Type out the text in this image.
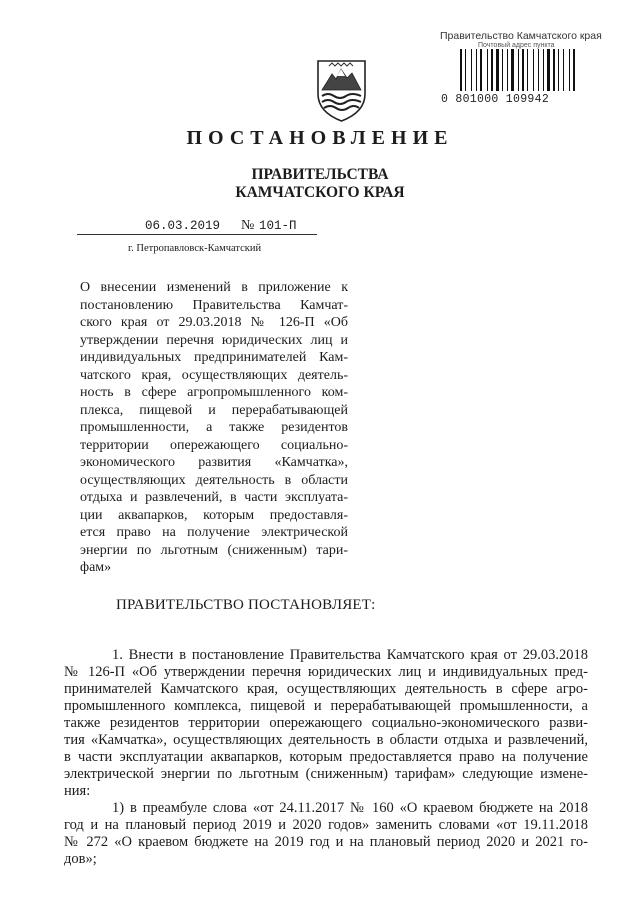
Правительство Камчатского края
Почтовый адрес пункта
0 801000 109942
ПОСТАНОВЛЕНИЕ
ПРАВИТЕЛЬСТВА
КАМЧАТСКОГО КРАЯ
06.03.2019 № 101-П
г. Петропавловск-Камчатский
О внесении изменений в приложение к
постановлению Правительства Камчат-
ского края от 29.03.2018 № 126-П «Об
утверждении перечня юридических лиц и
индивидуальных предпринимателей Кам-
чатского края, осуществляющих деятель-
ность в сфере агропромышленного ком-
плекса, пищевой и перерабатывающей
промышленности, а также резидентов
территории опережающего социально-
экономического развития «Камчатка»,
осуществляющих деятельность в области
отдыха и развлечений, в части эксплуата-
ции аквапарков, которым предоставля-
ется право на получение электрической
энергии по льготным (сниженным) тари-
фам»
ПРАВИТЕЛЬСТВО ПОСТАНОВЛЯЕТ:
1. Внести в постановление Правительства Камчатского края от 29.03.2018
№ 126-П «Об утверждении перечня юридических лиц и индивидуальных пред-
принимателей Камчатского края, осуществляющих деятельность в сфере агро-
промышленного комплекса, пищевой и перерабатывающей промышленности, а
также резидентов территории опережающего социально-экономического разви-
тия «Камчатка», осуществляющих деятельность в области отдыха и развлечений,
в части эксплуатации аквапарков, которым предоставляется право на получение
электрической энергии по льготным (сниженным) тарифам» следующие измене-
ния:
1) в преамбуле слова «от 24.11.2017 № 160 «О краевом бюджете на 2018
год и на плановый период 2019 и 2020 годов» заменить словами «от 19.11.2018
№ 272 «О краевом бюджете на 2019 год и на плановый период 2020 и 2021 го-
дов»;
